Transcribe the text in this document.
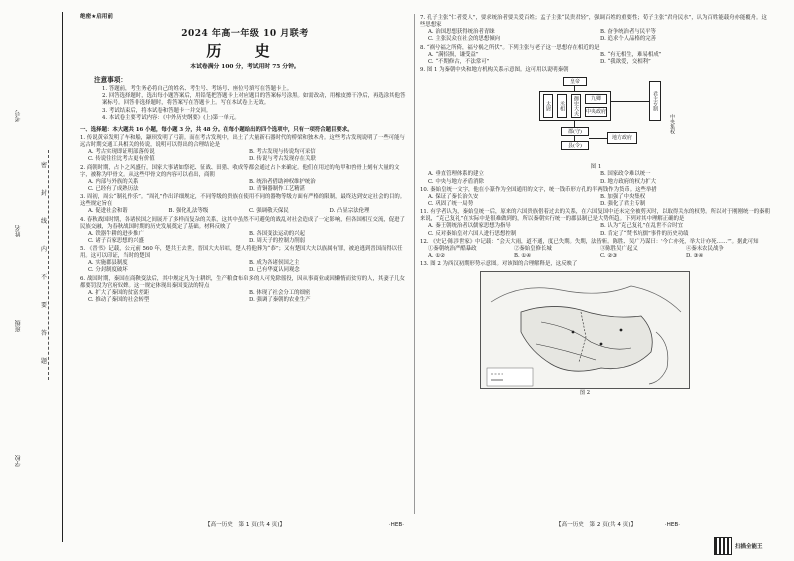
考号
姓名
班级
学校
密
封
线
内
不
要
答
题
绝密★启用前
2024 年高一年级 10 月联考
历 史
本试卷满分 100 分，考试用时 75 分钟。
注意事项：
1. 答题前，考生务必将自己的姓名、考生号、考场号、座位号填写在答题卡上。
2. 回答选择题时，选出每小题答案后，用铅笔把答题卡上对应题目的答案标号涂黑。如需改动，用橡皮擦干净后，再选涂其他答案标号。回答非选择题时，将答案写在答题卡上。写在本试卷上无效。
3. 考试结束后，将本试卷和答题卡一并交回。
4. 本试卷主要考试内容：《中外历史纲要》(上)第一单元。
一、选择题：本大题共 16 小题，每小题 3 分，共 48 分。在每小题给出的四个选项中，只有一项符合题目要求。
1. 传说黄帝发明了车和船，颛顼发明了弓箭。而在考古发现中，出土了大量新石器时代的桥梁和独木舟。这些考古发现说明了一些可能与远古时期交通工具相关的传说，说明可以得出的合理结论是
A. 考古实现即证明部落传说	B. 考古发现与传说均可采信
C. 传说往往比考古更有价值	D. 传说与考古发现存在关联
2. 商朝时期，占卜之风盛行，国家大事诸如祭祀、征战、田猎、收成等都会通过占卜来确定。他们在用过的龟甲和兽骨上刻有大量的文字，被称为甲骨文。从这些甲骨文的内容可以看出，商朝
A. 内部与外族的关系	B. 统治者借助神权维护统治
C. 已经有了成熟历法	D. 青铜器制作工艺精湛
3. 周初，周公“制礼作乐”。“周礼”作出详细规定，不同等级的贵族在使用不同的器物等级方面有严格的限制，最终达到安定社会的目的。这些规定旨在
A. 促进社会和谐	B. 强化礼法等级	C. 强调敬天保民	D. 凸显宗法伦理
4. 春秋战国时期，各诸侯国之间展开了多样而复杂的关系，这其中虽然不可避免的战乱对社会造成了一定影响，但各国相互交流，促进了民族交融，为春秋战国时期的历史发展奠定了基础。材料反映了
A. 铁器牛耕的进步推广	B. 各国变法运动的兴起
C. 诸子百家思想的兴盛	D. 周天子的控制力削弱
5. 《晋书》记载，公元前 560 年，楚共王去世，晋国大夫吊唁，楚人将他葬为“恭”；又有楚国大夫以族属有罪，被迫逃到晋国而得以任用。这可以印证，当时的楚国
A. 实施郡县制度	B. 成为各诸侯国之主
C. 分封制度破坏	D. 已有华夏认同观念
6. 战国时期，秦国在商鞅变法后，其中规定凡为士耕织，生产粮食布帛多的人可免除徭役，因从事商业或因懒惰而贫穷的人，其妻子儿女都要罚没为官府奴婢。这一规定体现出秦国变法的特点
A. 扩大了秦国的贫富差距	B. 体现了社会分工的细密
C. 推动了秦国的社会转型	D. 强调了秦朝的农业生产
【高一历史　第 1 页(共 4 页)】	·HEB·
7. 孔子主张“仁者爱人”，要求统治者要关爱百姓；孟子主张“民贵君轻”，强调百姓的重要性；荀子主张“君舟民水”，认为百姓能载舟亦能覆舟。这些思想家
A. 治国思想获得统治者青睐	B. 奋争统治者与民平等
C. 主张民众在社会的思想倾向	D. 追求个人品格的完善
8. “祸兮福之所倚，福兮祸之所伏”。下列主张与老子这一思想存在相近的是
A. “满招损，谦受益”	B. “有无相生，难易相成”
C. “不期修古，不法常可”	D. “我欲爱，交相利”
9. 图 1 为秦朝中央和地方机构关系示意图。这可用以说明秦朝
皇帝
太尉	丞相	御史大夫	九卿
中央政府
郡(守)
县(令)
地方政府
君主专制
中央集权
图 1
A. 垂直管理体系的建立	B. 国家政令难以统一
C. 中央与地方矛盾消除	D. 地方政府的权力扩大
10. 秦始皇统一文字，他在小篆作为全国通用的文字，统一钱币形方孔的半两钱作为货币。这些举措
A. 保证了秦长治久安	B. 加强了中央集权
C. 巩固了统一局势	D. 强化了君主专制
11. 有学者认为，秦始皇统一后，原来的六国贵族借着过去的关系，在六国复国中还未完全被剪灭时，以取得关东的权势。所以对于刚刚统一的秦朝来说，“克己复礼”在实际中是很难做到的，所以秦朝实行统一的郡县制已是大势所趋。下列对其中理解正确的是
A. 秦王朝统治者以儒家思想为指导	B. 认为“克己复礼”在乱世不合时宜
C. 反对秦始皇对六国人进行思想控制	D. 肯定了“焚书坑儒”事件的历史功绩
12. 《史记·陈涉世家》中记载：“会天大雨，道不通，度已失期。失期，法皆斩。陈胜、吴广乃谋曰：'今亡亦死，举大计亦死……'”。据此可知
①秦朝统治严酷暴政	②秦始皇修长城	③陈胜吴广起义	④秦末农民战争
A. ①②	B. ①④	C. ②③	D. ③④
13. 图 2 为西汉初期形势示意图。对该图的合理解释是，这反映了
图 2
【高一历史　第 2 页(共 4 页)】	·HEB·
扫描全能王
